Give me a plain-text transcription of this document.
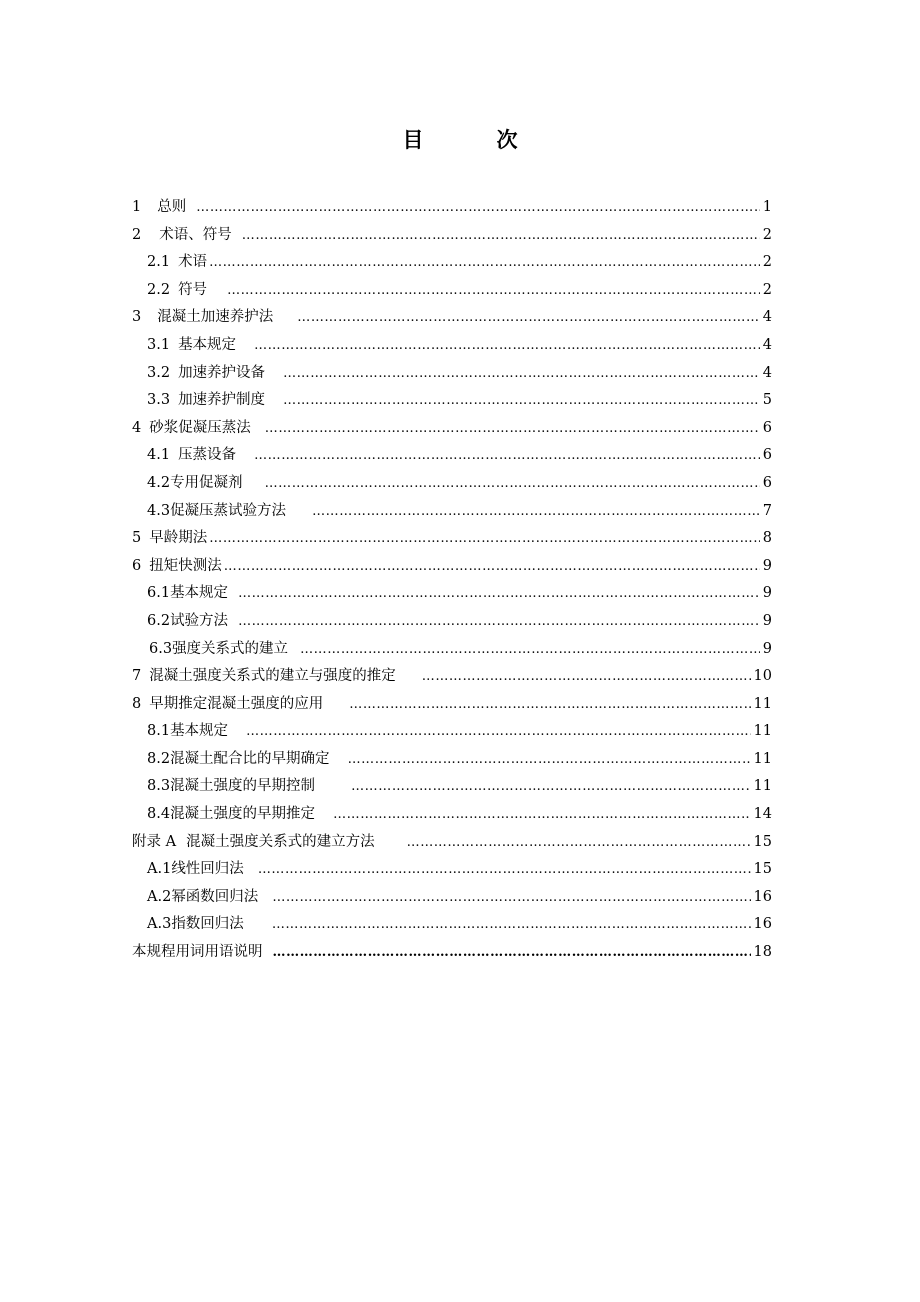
目　次
1 总则 ……………………………………………………………………………………………………………………………………………………………………………………………………	1
2 术语、符号 ……………………………………………………………………………………………………………………………………………………………………………………………………	2
2.1 术语 ……………………………………………………………………………………………………………………………………………………………………………………………………	2
2.2 符号 ……………………………………………………………………………………………………………………………………………………………………………………………………	2
3 混凝土加速养护法 ……………………………………………………………………………………………………………………………………………………………………………………………………	4
3.1 基本规定 ……………………………………………………………………………………………………………………………………………………………………………………………………	4
3.2 加速养护设备 ……………………………………………………………………………………………………………………………………………………………………………………………………	4
3.3 加速养护制度 ……………………………………………………………………………………………………………………………………………………………………………………………………	5
4 砂浆促凝压蒸法 ……………………………………………………………………………………………………………………………………………………………………………………………………	6
4.1 压蒸设备 ……………………………………………………………………………………………………………………………………………………………………………………………………	6
4.2 专用促凝剂 ……………………………………………………………………………………………………………………………………………………………………………………………………	6
4.3 促凝压蒸试验方法 ……………………………………………………………………………………………………………………………………………………………………………………………………	7
5 早龄期法 ……………………………………………………………………………………………………………………………………………………………………………………………………	8
6 扭矩快测法 ……………………………………………………………………………………………………………………………………………………………………………………………………	9
6.1 基本规定 ……………………………………………………………………………………………………………………………………………………………………………………………………	9
6.2 试验方法 ……………………………………………………………………………………………………………………………………………………………………………………………………	9
6.3 强度关系式的建立 ……………………………………………………………………………………………………………………………………………………………………………………………………	9
7 混凝土强度关系式的建立与强度的推定 ……………………………………………………………………………………………………………………………………………………………………………………………………	10
8 早期推定混凝土强度的应用 ……………………………………………………………………………………………………………………………………………………………………………………………………	11
8.1 基本规定 ……………………………………………………………………………………………………………………………………………………………………………………………………	11
8.2 混凝土配合比的早期确定 ……………………………………………………………………………………………………………………………………………………………………………………………………	11
8.3 混凝土强度的早期控制 ……………………………………………………………………………………………………………………………………………………………………………………………………	11
8.4 混凝土强度的早期推定 ……………………………………………………………………………………………………………………………………………………………………………………………………	14
附录 A 混凝土强度关系式的建立方法 ……………………………………………………………………………………………………………………………………………………………………………………………………	15
A.1 线性回归法 ……………………………………………………………………………………………………………………………………………………………………………………………………	15
A.2 幂函数回归法 ……………………………………………………………………………………………………………………………………………………………………………………………………	16
A.3 指数回归法 ……………………………………………………………………………………………………………………………………………………………………………………………………	16
本规程用词用语说明 ……………………………………………………………………………………………………………………………………………………………………………………………………	18
